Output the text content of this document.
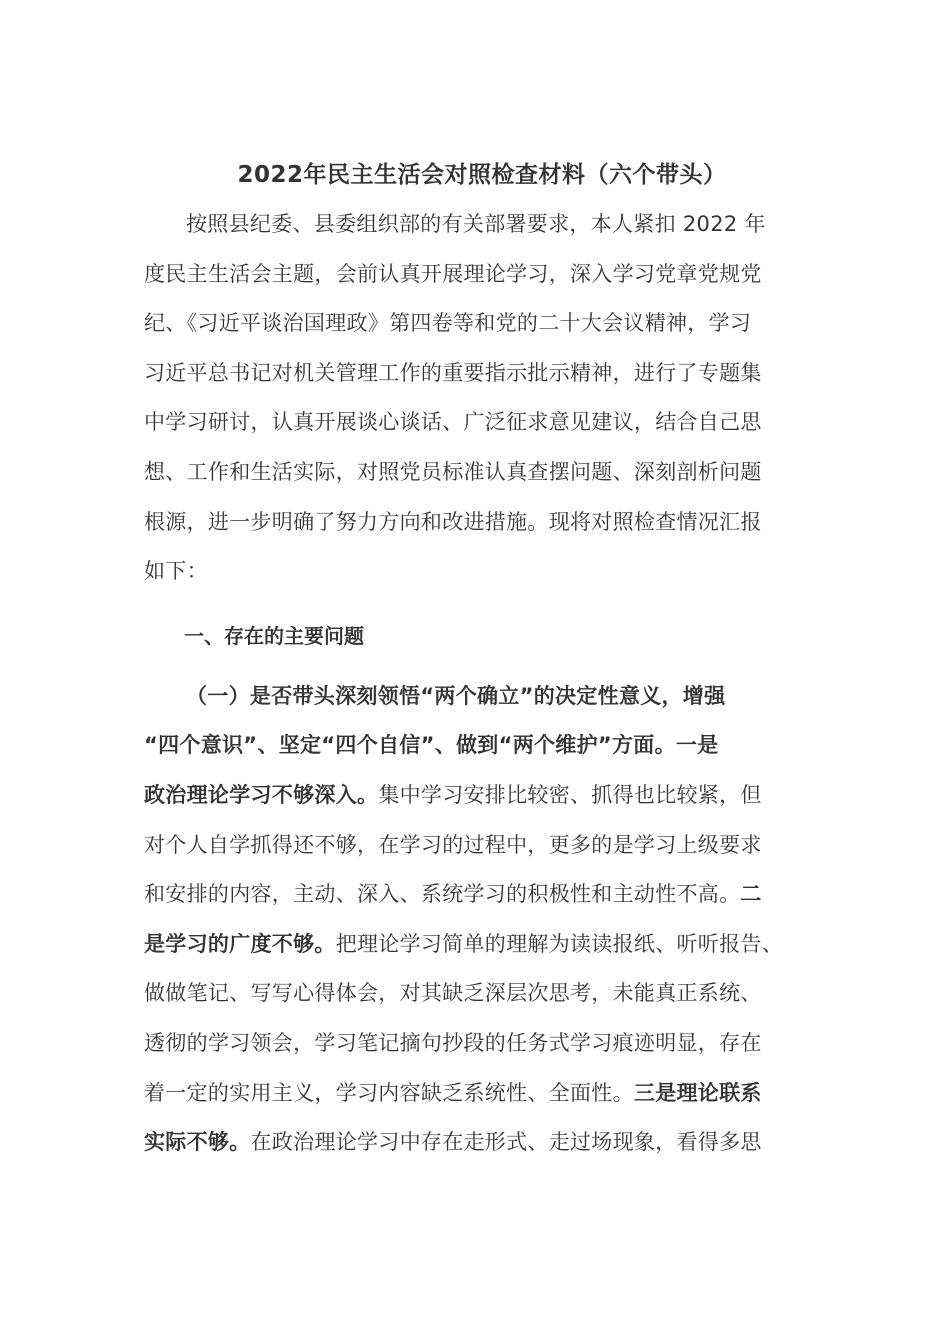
2022年民主生活会对照检查材料（六个带头）
按照县纪委、县委组织部的有关部署要求，本人紧扣 2022 年
度民主生活会主题，会前认真开展理论学习，深入学习党章党规党
纪、《习近平谈治国理政》第四卷等和党的二十大会议精神，学习
习近平总书记对机关管理工作的重要指示批示精神，进行了专题集
中学习研讨，认真开展谈心谈话、广泛征求意见建议，结合自己思
想、工作和生活实际，对照党员标准认真查摆问题、深刻剖析问题
根源，进一步明确了努力方向和改进措施。现将对照检查情况汇报
如下：
一、存在的主要问题
（一）是否带头深刻领悟“两个确立”的决定性意义，增强
“四个意识”、坚定“四个自信”、做到“两个维护”方面。一是
政治理论学习不够深入。集中学习安排比较密、抓得也比较紧，但
对个人自学抓得还不够，在学习的过程中，更多的是学习上级要求
和安排的内容，主动、深入、系统学习的积极性和主动性不高。二
是学习的广度不够。把理论学习简单的理解为读读报纸、听听报告、
做做笔记、写写心得体会，对其缺乏深层次思考，未能真正系统、
透彻的学习领会，学习笔记摘句抄段的任务式学习痕迹明显，存在
着一定的实用主义，学习内容缺乏系统性、全面性。三是理论联系
实际不够。在政治理论学习中存在走形式、走过场现象，看得多思
